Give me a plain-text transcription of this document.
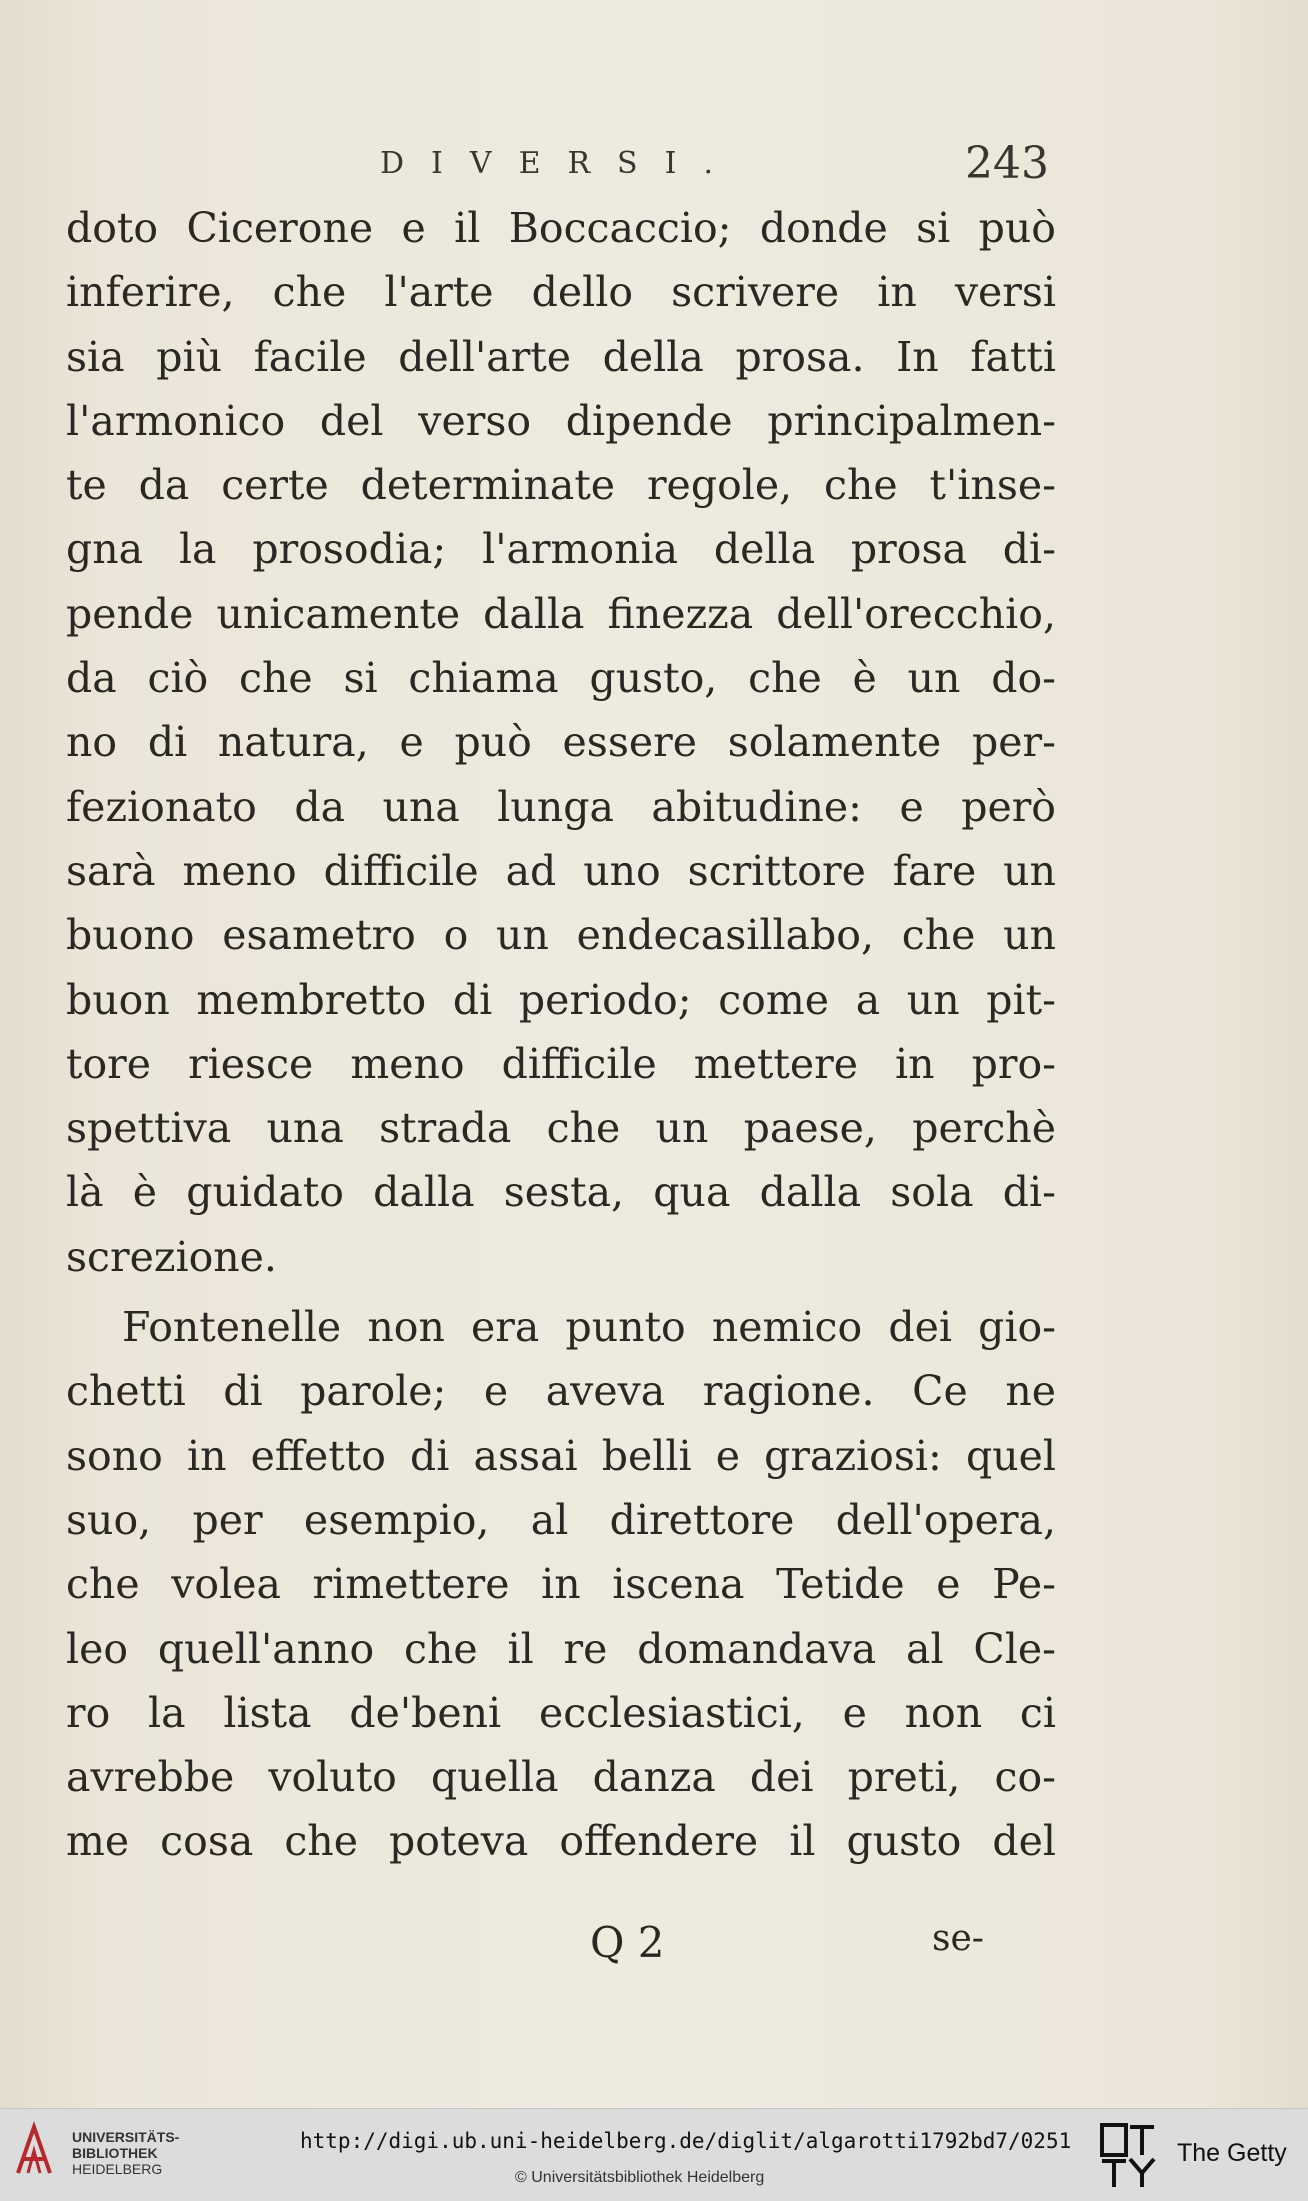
DIVERSI.	243
doto Cicerone e il Boccaccio; donde si può
inferire, che l'arte dello scrivere in versi
sia più facile dell'arte della prosa. In fatti
l'armonico del verso dipende principalmen-
te da certe determinate regole, che t'inse-
gna la prosodia; l'armonia della prosa di-
pende unicamente dalla finezza dell'orecchio,
da ciò che si chiama gusto, che è un do-
no di natura, e può essere solamente per-
fezionato da una lunga abitudine: e però
sarà meno difficile ad uno scrittore fare un
buono esametro o un endecasillabo, che un
buon membretto di periodo; come a un pit-
tore riesce meno difficile mettere in pro-
spettiva una strada che un paese, perchè
là è guidato dalla sesta, qua dalla sola di-
screzione.
Fontenelle non era punto nemico dei gio-
chetti di parole; e aveva ragione. Ce ne
sono in effetto di assai belli e graziosi: quel
suo, per esempio, al direttore dell'opera,
che volea rimettere in iscena Tetide e Pe-
leo quell'anno che il re domandava al Cle-
ro la lista de'beni ecclesiastici, e non ci
avrebbe voluto quella danza dei preti, co-
me cosa che poteva offendere il gusto del
Q 2	se-
UNIVERSITÄTS-
BIBLIOTHEK
HEIDELBERG
http://digi.ub.uni-heidelberg.de/diglit/algarotti1792bd7/0251
© Universitätsbibliothek Heidelberg
The Getty
